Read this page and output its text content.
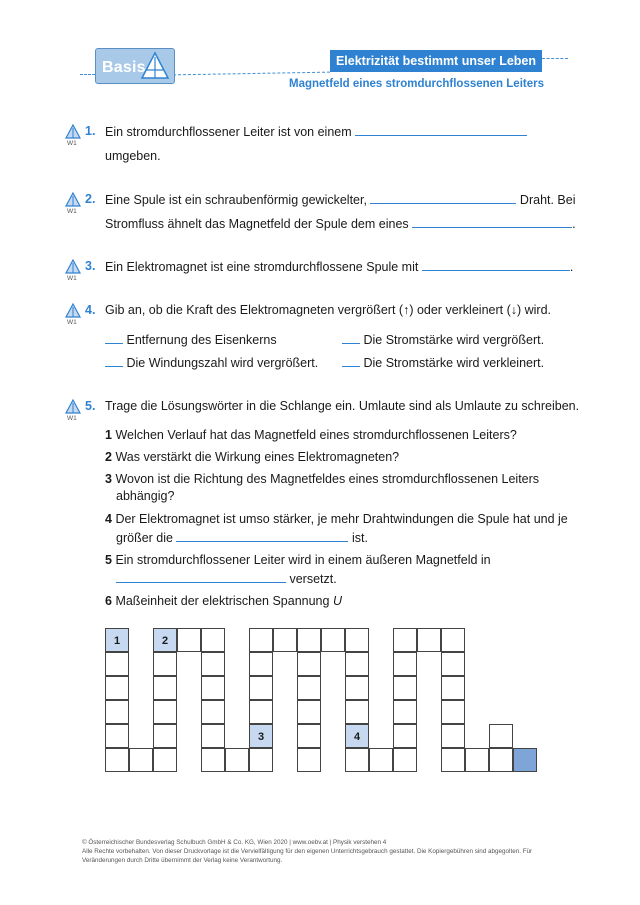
Basis	Elektrizität bestimmt unser Leben
Magnetfeld eines stromdurchflossenen Leiters
W1
1. Ein stromdurchflossener Leiter ist von einem
umgeben.
W1
2. Eine Spule ist ein schraubenförmig gewickelter,	Draht. Bei
Stromfluss ähnelt das Magnetfeld der Spule dem eines	.
W1
3. Ein Elektromagnet ist eine stromdurchflossene Spule mit	.
W1
4. Gib an, ob die Kraft des Elektromagneten vergrößert (↑) oder verkleinert (↓) wird.
Entfernung des Eisenkerns	Die Stromstärke wird vergrößert.
Die Windungszahl wird vergrößert.	Die Stromstärke wird verkleinert.
W1
5. Trage die Lösungswörter in die Schlange ein. Umlaute sind als Umlaute zu schreiben.
1 Welchen Verlauf hat das Magnetfeld eines stromdurchflossenen Leiters?
2 Was verstärkt die Wirkung eines Elektromagneten?
3 Wovon ist die Richtung des Magnetfeldes eines stromdurchflossenen Leiters
abhängig?
4 Der Elektromagnet ist umso stärker, je mehr Drahtwindungen die Spule hat und je
größer die	ist.
5 Ein stromdurchflossener Leiter wird in einem äußeren Magnetfeld in
versetzt.
6 Maßeinheit der elektrischen Spannung U
1	2
3	4
© Österreichischer Bundesverlag Schulbuch GmbH & Co. KG, Wien 2020 | www.oebv.at | Physik verstehen 4
Alle Rechte vorbehalten. Von dieser Druckvorlage ist die Vervielfältigung für den eigenen Unterrichtsgebrauch gestattet. Die Kopiergebühren sind abgegolten. Für
Veränderungen durch Dritte übernimmt der Verlag keine Verantwortung.
